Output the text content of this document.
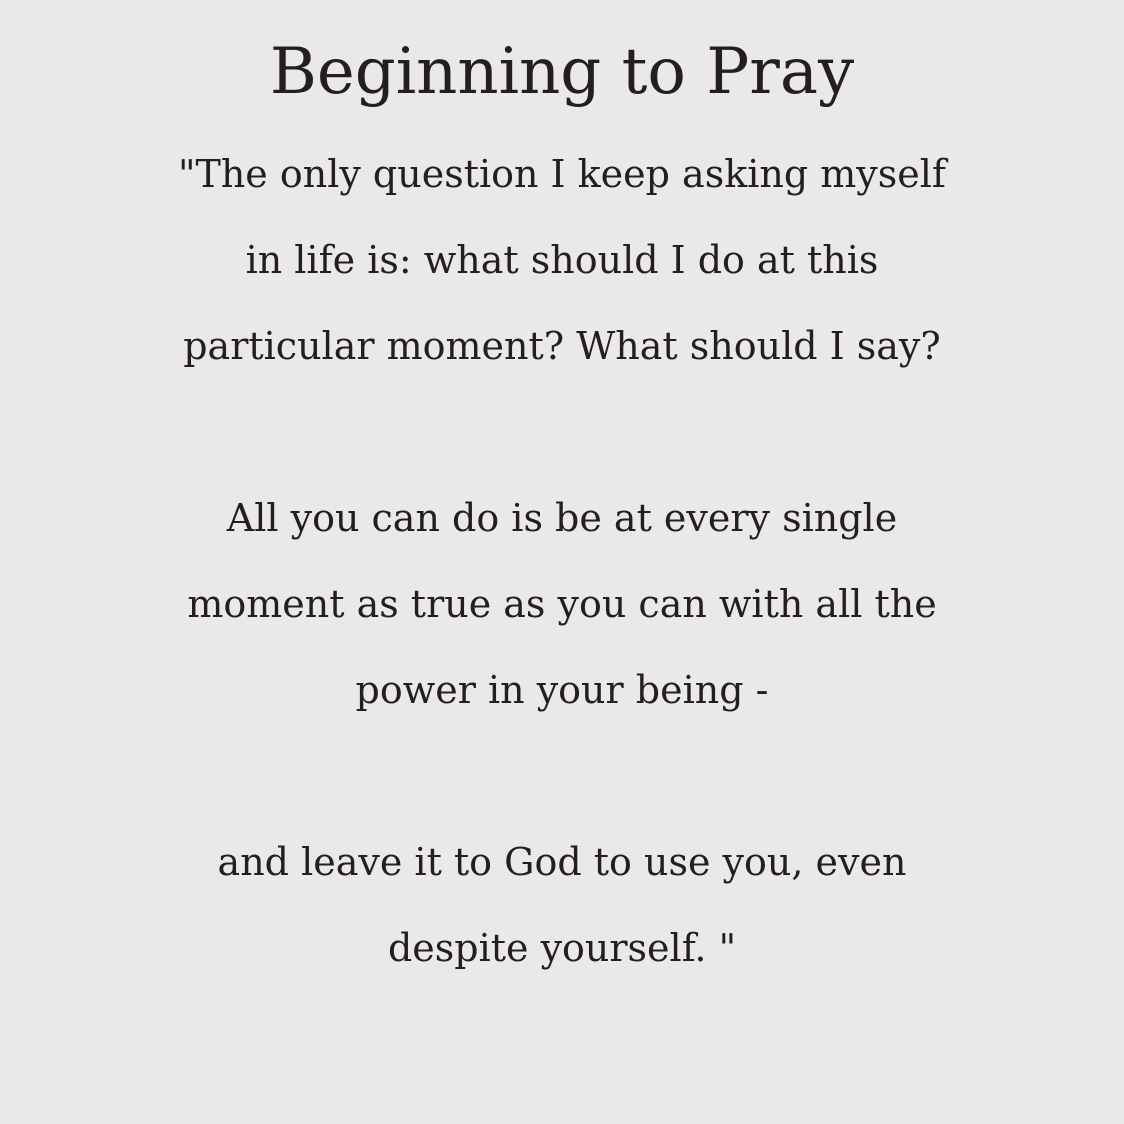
Beginning to Pray

"The only question I keep asking myself

in life is: what should I do at this

particular moment? What should I say?

All you can do is be at every single

moment as true as you can with all the

power in your being -

and leave it to God to use you, even

despite yourself. "
